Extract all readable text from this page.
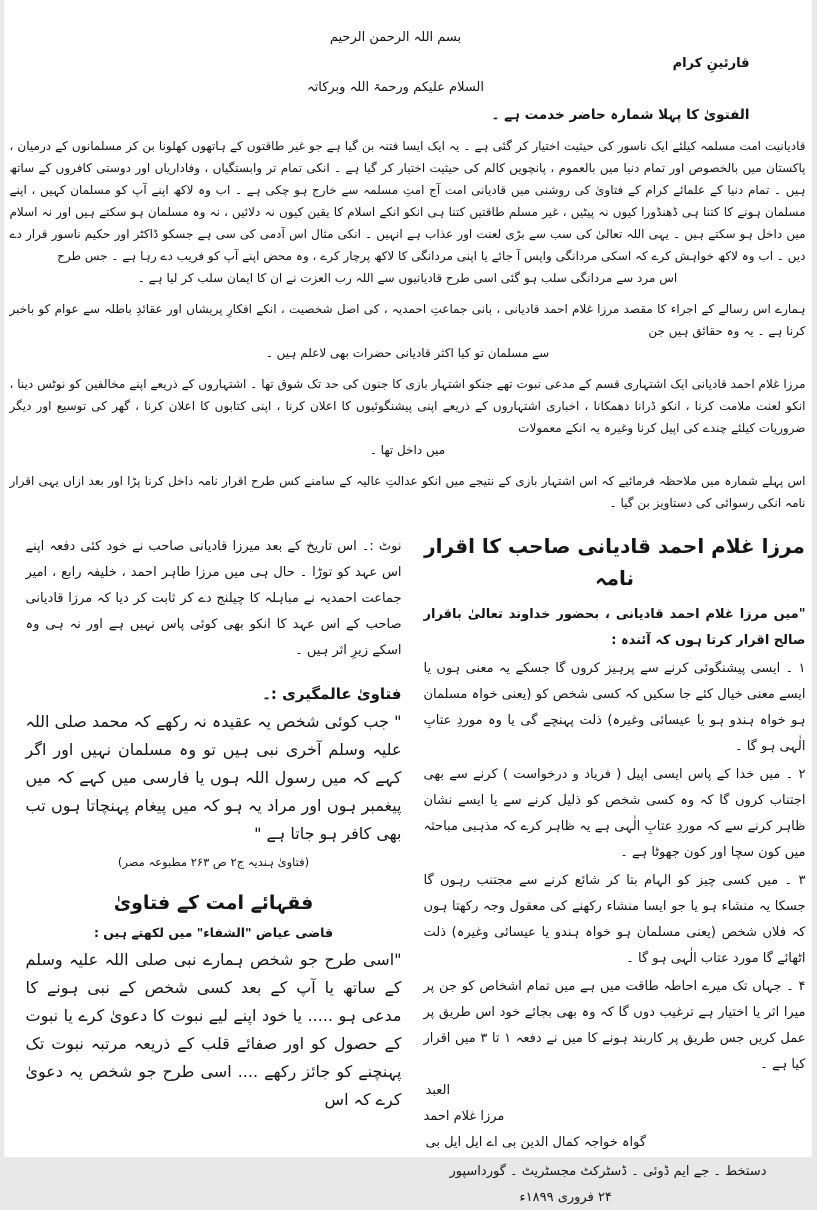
بسم اللہ الرحمن الرحیم
قارئینِ کرام
السلام علیکم ورحمۃ اللہ وبرکاتہ
الفتویٰ کا پہلا شمارہ حاضر خدمت ہے ۔

قادیانیت امت مسلمہ کیلئے ایک ناسور کی حیثیت اختیار کر گئی ہے ۔ یہ ایک ایسا فتنہ بن گیا ہے جو غیر طاقتوں کے ہاتھوں کھلونا بن کر مسلمانوں کے درمیان ، پاکستان میں بالخصوص اور تمام دنیا میں بالعموم ، پانچویں کالم کی حیثیت اختیار کر گیا ہے ۔ انکی تمام تر وابستگیاں ، وفاداریاں اور دوستی کافروں کے ساتھ ہیں ۔ تمام دنیا کے علمائے کرام کے فتاویٰ کی روشنی میں قادیانی امت آج امتِ مسلمہ سے خارج ہو چکی ہے ۔ اب وہ لاکھ اپنے آپ کو مسلمان کہیں ، اپنے مسلمان ہونے کا کتنا ہی ڈھنڈورا کیوں نہ پیٹیں ، غیر مسلم طاقتیں کتنا ہی انکو انکے اسلام کا یقین کیوں نہ دلائیں ، نہ وہ مسلمان ہو سکتے ہیں اور نہ اسلام میں داخل ہو سکتے ہیں ۔ یہی اللہ تعالیٰ کی سب سے بڑی لعنت اور عذاب ہے انہیں ۔ انکی مثال اس آدمی کی سی ہے جسکو ڈاکٹر اور حکیم ناسور قرار دے دیں ۔ اب وہ لاکھ خواہش کرے کہ اسکی مردانگی واپس آ جائے یا اپنی مردانگی کا لاکھ پرچار کرے ، وہ محض اپنے آپ کو فریب دے رہا ہے ۔ جس طرح

اس مرد سے مردانگی سلب ہو گئی اسی طرح قادیانیوں سے اللہ رب العزت نے ان کا ایمان سلب کر لیا ہے ۔

ہمارے اس رسالے کے اجراء کا مقصد مرزا غلام احمد قادیانی ، بانی جماعتِ احمدیہ ، کی اصل شخصیت ، انکے افکارِ پریشاں اور عقائدِ باطلہ سے عوام کو باخبر کرنا ہے ۔ یہ وہ حقائق ہیں جن

سے مسلمان تو کیا اکثر قادیانی حضرات بھی لاعلم ہیں ۔

مرزا غلام احمد قادیانی ایک اشتہاری قسم کے مدعی نبوت تھے جنکو اشتہار بازی کا جنون کی حد تک شوق تھا ۔ اشتہاروں کے ذریعے اپنے مخالفین کو نوٹس دینا ، انکو لعنت ملامت کرنا ، انکو ڈرانا دھمکانا ، اخباری اشتہاروں کے ذریعے اپنی پیشنگوئیوں کا اعلان کرنا ، اپنی کتابوں کا اعلان کرنا ، گھر کی توسیع اور دیگر ضروریات کیلئے چندے کی اپیل کرنا وغیرہ یہ انکے معمولات

میں داخل تھا ۔

اس پہلے شمارہ میں ملاحظہ فرمائیے کہ اس اشتہار بازی کے نتیجے میں انکو عدالتِ عالیہ کے سامنے کس طرح اقرار نامہ داخل کرنا پڑا اور بعد ازاں یہی اقرار نامہ انکی رسوائی کی دستاویز بن گیا ۔

مرزا غلام احمد قادیانی صاحب کا اقرار نامہ

"میں مرزا غلام احمد قادیانی ، بحضور خداوند تعالیٰ باقرار صالح اقرار کرتا ہوں کہ آئندہ :

۱ ۔ ایسی پیشنگوئی کرنے سے پرہیز کروں گا جسکے یہ معنی ہوں یا ایسے معنی خیال کئے جا سکیں کہ کسی شخص کو (یعنی خواہ مسلمان ہو خواہ ہندو ہو یا عیسائی وغیرہ) ذلت پہنچے گی یا وہ موردِ عتابِ الٰہی ہو گا ۔

۲ ۔ میں خدا کے پاس ایسی اپیل ( فریاد و درخواست ) کرنے سے بھی اجتناب کروں گا کہ وہ کسی شخص کو ذلیل کرنے سے یا ایسے نشان ظاہر کرنے سے کہ موردِ عتابِ الٰہی ہے یہ ظاہر کرے کہ مذہبی مباحثہ میں کون سچا اور کون جھوٹا ہے ۔

۳ ۔ میں کسی چیز کو الہام بتا کر شائع کرنے سے مجتنب رہوں گا جسکا یہ منشاء ہو یا جو ایسا منشاء رکھنے کی معقول وجہ رکھتا ہوں کہ فلاں شخص (یعنی مسلمان ہو خواہ ہندو یا عیسائی وغیرہ) ذلت اٹھائے گا مورد عتاب الٰہی ہو گا ۔

۴ ۔ جہاں تک میرے احاطہ طاقت میں ہے میں تمام اشخاص کو جن پر میرا اثر یا اختیار ہے ترغیب دوں گا کہ وہ بھی بجائے خود اس طریق پر عمل کریں جس طریق پر کاربند ہونے کا میں نے دفعہ ۱ تا ۳ میں اقرار کیا ہے ۔

العبد

مرزا غلام احمد

گواہ خواجہ کمال الدین بی اے ایل ایل بی

دستخط ۔ جے ایم ڈوئی ۔ ڈسٹرکٹ مجسٹریٹ ۔ گورداسپور

۲۴ فروری ۱۸۹۹ء

نوٹ :۔ اس تاریخ کے بعد میرزا قادیانی صاحب نے خود کئی دفعہ اپنے اس عہد کو توڑا ۔ حال ہی میں مرزا طاہر احمد ، خلیفہ رابع ، امیر جماعت احمدیہ نے مباہلہ کا چیلنج دے کر ثابت کر دیا کہ مرزا قادیانی صاحب کے اس عہد کا انکو بھی کوئی پاس نہیں ہے اور نہ ہی وہ اسکے زیرِ اثر ہیں ۔

فتاویٰ عالمگیری :۔

" جب کوئی شخص یہ عقیدہ نہ رکھے کہ محمد صلی اللہ علیہ وسلم آخری نبی ہیں تو وہ مسلمان نہیں اور اگر کہے کہ میں رسول اللہ ہوں یا فارسی میں کہے کہ میں پیغمبر ہوں اور مراد یہ ہو کہ میں پیغام پہنچاتا ہوں تب بھی کافر ہو جاتا ہے "

(فتاویٰ ہندیہ ج۲ ص ۲۶۳ مطبوعہ مصر)

فقہائے امت کے فتاویٰ

قاضی عیاض "الشفاء" میں لکھتے ہیں :

"اسی طرح جو شخص ہمارے نبی صلی اللہ علیہ وسلم کے ساتھ یا آپ کے بعد کسی شخص کے نبی ہونے کا مدعی ہو ..... یا خود اپنے لیے نبوت کا دعویٰ کرے یا نبوت کے حصول کو اور صفائے قلب کے ذریعہ مرتبہ نبوت تک پہنچنے کو جائز رکھے .... اسی طرح جو شخص یہ دعویٰ کرے کہ اس
